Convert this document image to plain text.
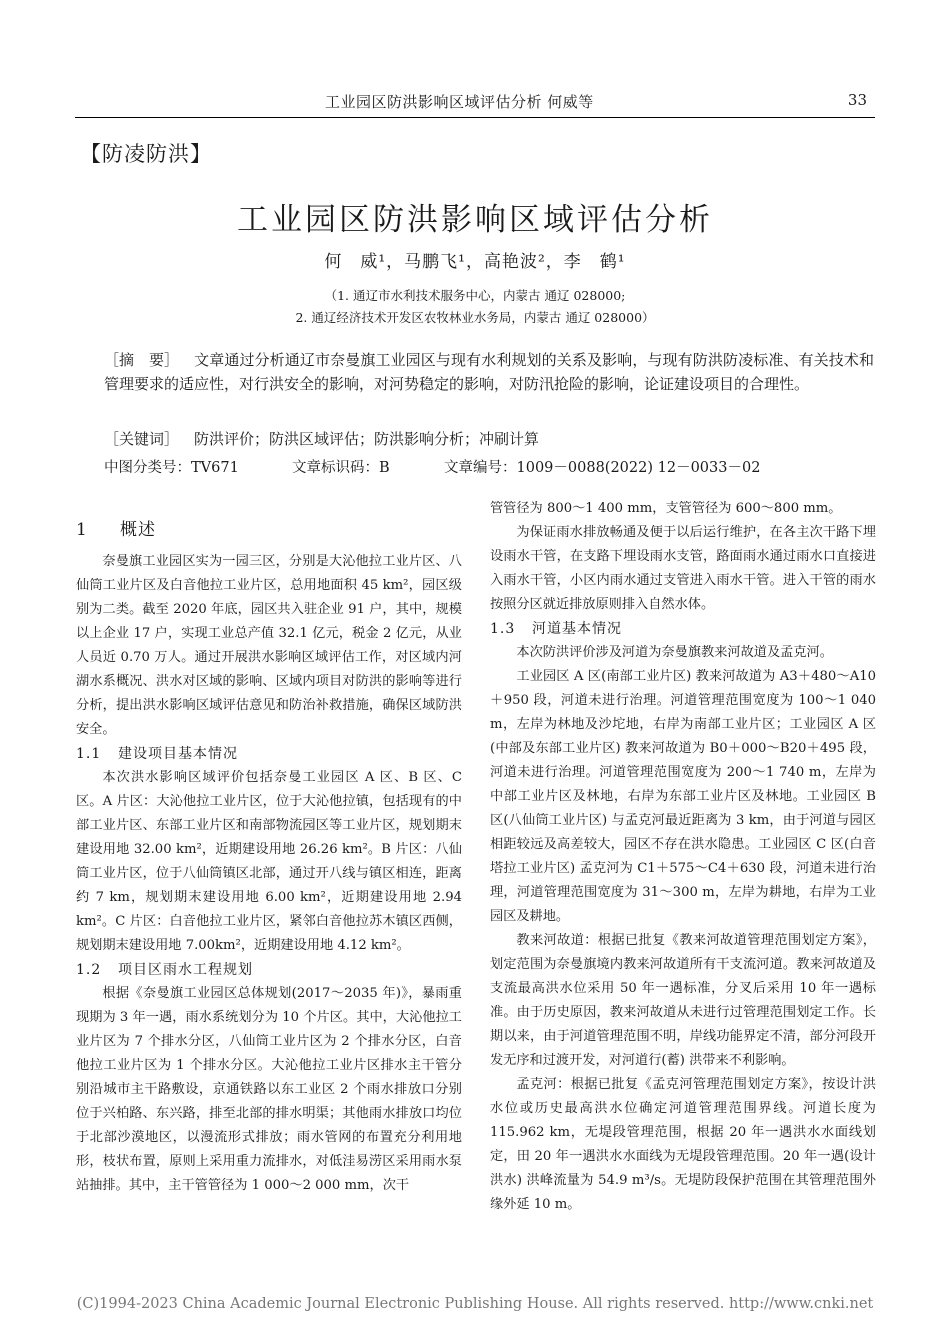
工业园区防洪影响区域评估分析 何威等	33
【防凌防洪】
工业园区防洪影响区域评估分析
何　威¹，马鹏飞¹，高艳波²，李　鹤¹
（1. 通辽市水利技术服务中心，内蒙古 通辽 028000;
2. 通辽经济技术开发区农牧林业水务局，内蒙古 通辽 028000）
［摘　要］ 文章通过分析通辽市奈曼旗工业园区与现有水利规划的关系及影响，与现有防洪防凌标准、有关技术和管理要求的适应性，对行洪安全的影响，对河势稳定的影响，对防汛抢险的影响，论证建设项目的合理性。
［关键词］ 防洪评价；防洪区域评估；防洪影响分析；冲刷计算
中图分类号：TV671	文章标识码：B	文章编号：1009－0088(2022) 12－0033－02
1 概述

奈曼旗工业园区实为一园三区，分别是大沁他拉工业片区、八仙筒工业片区及白音他拉工业片区，总用地面积 45 km²，园区级别为二类。截至 2020 年底，园区共入驻企业 91 户，其中，规模以上企业 17 户，实现工业总产值 32.1 亿元，税金 2 亿元，从业人员近 0.70 万人。通过开展洪水影响区域评估工作，对区域内河湖水系概况、洪水对区域的影响、区域内项目对防洪的影响等进行分析，提出洪水影响区域评估意见和防治补救措施，确保区域防洪安全。

1.1 建设项目基本情况

本次洪水影响区域评价包括奈曼工业园区 A 区、B 区、C 区。A 片区：大沁他拉工业片区，位于大沁他拉镇，包括现有的中部工业片区、东部工业片区和南部物流园区等工业片区，规划期末建设用地 32.00 km²，近期建设用地 26.26 km²。B 片区：八仙筒工业片区，位于八仙筒镇区北部，通过开八线与镇区相连，距离约 7 km，规划期末建设用地 6.00 km²，近期建设用地 2.94 km²。C 片区：白音他拉工业片区，紧邻白音他拉苏木镇区西侧，规划期末建设用地 7.00km²，近期建设用地 4.12 km²。

1.2 项目区雨水工程规划

根据《奈曼旗工业园区总体规划(2017～2035 年)》，暴雨重现期为 3 年一遇，雨水系统划分为 10 个片区。其中，大沁他拉工业片区为 7 个排水分区，八仙筒工业片区为 2 个排水分区，白音他拉工业片区为 1 个排水分区。大沁他拉工业片区排水主干管分别沿城市主干路敷设，京通铁路以东工业区 2 个雨水排放口分别位于兴柏路、东兴路，排至北部的排水明渠；其他雨水排放口均位于北部沙漠地区，以漫流形式排放；雨水管网的布置充分利用地形，枝状布置，原则上采用重力流排水，对低洼易涝区采用雨水泵站抽排。其中，主干管管径为 1 000～2 000 mm，次干

管管径为 800～1 400 mm，支管管径为 600～800 mm。

为保证雨水排放畅通及便于以后运行维护，在各主次干路下埋设雨水干管，在支路下埋设雨水支管，路面雨水通过雨水口直接进入雨水干管，小区内雨水通过支管进入雨水干管。进入干管的雨水按照分区就近排放原则排入自然水体。

1.3 河道基本情况

本次防洪评价涉及河道为奈曼旗教来河故道及孟克河。

工业园区 A 区(南部工业片区) 教来河故道为 A3＋480～A10＋950 段，河道未进行治理。河道管理范围宽度为 100～1 040 m，左岸为林地及沙坨地，右岸为南部工业片区；工业园区 A 区(中部及东部工业片区) 教来河故道为 B0＋000～B20＋495 段，河道未进行治理。河道管理范围宽度为 200～1 740 m，左岸为中部工业片区及林地，右岸为东部工业片区及林地。工业园区 B 区(八仙筒工业片区) 与孟克河最近距离为 3 km，由于河道与园区相距较远及高差较大，园区不存在洪水隐患。工业园区 C 区(白音塔拉工业片区) 孟克河为 C1＋575～C4＋630 段，河道未进行治理，河道管理范围宽度为 31～300 m，左岸为耕地，右岸为工业园区及耕地。

教来河故道：根据已批复《教来河故道管理范围划定方案》，划定范围为奈曼旗境内教来河故道所有干支流河道。教来河故道及支流最高洪水位采用 50 年一遇标准，分叉后采用 10 年一遇标准。由于历史原因，教来河故道从未进行过管理范围划定工作。长期以来，由于河道管理范围不明，岸线功能界定不清，部分河段开发无序和过渡开发，对河道行(蓄) 洪带来不利影响。

孟克河：根据已批复《孟克河管理范围划定方案》，按设计洪水位或历史最高洪水位确定河道管理范围界线。河道长度为 115.962 km，无堤段管理范围，根据 20 年一遇洪水水面线划定，田 20 年一遇洪水水面线为无堤段管理范围。20 年一遇(设计洪水) 洪峰流量为 54.9 m³/s。无堤防段保护范围在其管理范围外缘外延 10 m。

(C)1994-2023 China Academic Journal Electronic Publishing House. All rights reserved. http://www.cnki.net
